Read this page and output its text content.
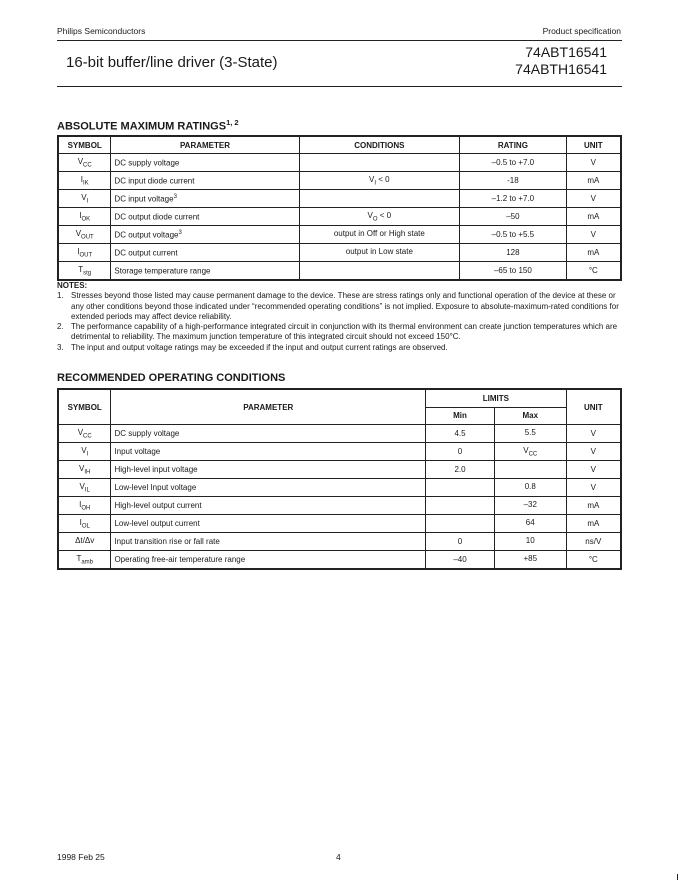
Philips Semiconductors	Product specification
16-bit buffer/line driver (3-State)
74ABT16541
74ABTH16541
ABSOLUTE MAXIMUM RATINGS$^{1, 2}$
SYMBOL	PARAMETER	CONDITIONS	RATING	UNIT
$V_{CC}$	DC supply voltage		–0.5 to +7.0	V
$I_{IK}$	DC input diode current	$V_I < 0$	-18	mA
$V_I$	DC input voltage$^3$		–1.2 to +7.0	V
$I_{OK}$	DC output diode current	$V_O < 0$	–50	mA
$V_{OUT}$	DC output voltage$^3$	output in Off or High state	–0.5 to +5.5	V
$I_{OUT}$	DC output current	output in Low state	128	mA
$T_{stg}$	Storage temperature range		–65 to 150	°C
NOTES:
1. Stresses beyond those listed may cause permanent damage to the device. These are stress ratings only and functional operation of the device at these or any other conditions beyond those indicated under “recommended operating conditions” is not implied. Exposure to absolute-maximum-rated conditions for extended periods may affect device reliability.
2. The performance capability of a high-performance integrated circuit in conjunction with its thermal environment can create junction temperatures which are detrimental to reliability. The maximum junction temperature of this integrated circuit should not exceed 150°C.
3. The input and output voltage ratings may be exceeded if the input and output current ratings are observed.
RECOMMENDED OPERATING CONDITIONS
SYMBOL	PARAMETER	LIMITS		UNIT
		Min	Max	
$V_{CC}$	DC supply voltage	4.5	5.5	V
$V_I$	Input voltage	0	$V_{CC}$	V
$V_{IH}$	High-level input voltage	2.0		V
$V_{IL}$	Low-level Input voltage		0.8	V
$I_{OH}$	High-level output current		–32	mA
$I_{OL}$	Low-level output current		64	mA
Δt/Δv	Input transition rise or fall rate	0	10	ns/V
$T_{amb}$	Operating free-air temperature range	–40	+85	°C
1998 Feb 25	4
